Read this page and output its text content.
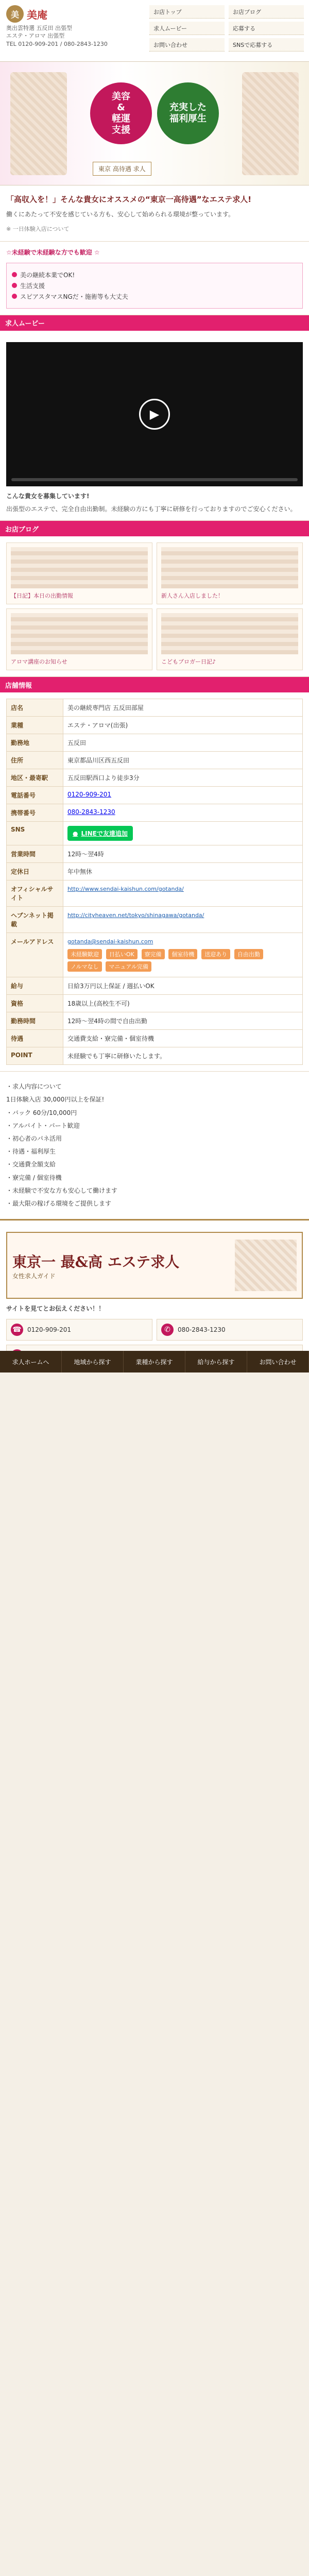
美 美庵
奥出雲特選 五反田 出張型
エステ・アロマ 出張型
TEL 0120-909-201 / 080-2843-1230
お店トップ	お店ブログ
求人ムービー	応募する
お問い合わせ	SNSで応募する
美容
&
軽運
支援
充実した
福利厚生
東京 高待遇 求人
「高収入を！」そんな貴女にオススメの“東京一高待遇”なエステ求人!

働くにあたって不安を感じている方も、安心して始められる環境が整っています。

※ 一日体験入店について

☆未経験で未経験な方でも歓迎 ☆
美の継続本業でOK!
生活支援
スピアスタマスNGだ・施術等も大丈夫
求人ムービー
▶
こんな貴女を募集しています!

出張型のエステで、完全自由出勤制。未経験の方にも丁寧に研修を行っておりますのでご安心ください。

お店ブログ
【日記】本日の出勤情報	新人さん入店しました！
アロマ講座のお知らせ	こどもブロガー日記♪
店舗情報
店名	美の継続専門店 五反田部屋
業種	エステ・アロマ(出張)
勤務地	五反田
住所	東京都品川区西五反田
地区・最寄駅	五反田駅西口より徒歩3分
電話番号	0120-909-201
携帯番号	080-2843-1230
SNS	● LINEで友達追加

営業時間	12時～翌4時
定休日	年中無休
オフィシャルサイト	http://www.sendai-kaishun.com/gotanda/

ヘブンネット掲載	http://cityheaven.net/tokyo/shinagawa/gotanda/

メールアドレス	gotanda@sendai-kaishun.com
未経験歓迎 日払いOK 寮完備 個室待機 送迎あり 自由出勤 ノルマなし マニュアル完備

給与	日給3万円以上保証 / 週払いOK
資格	18歳以上(高校生不可)
勤務時間	12時～翌4時の間で自由出勤
待遇	交通費支給・寮完備・個室待機
POINT	未経験でも丁寧に研修いたします。

・求人内容について

1日体験入店 30,000円以上を保証!

・バック 60分/10,000円

・アルバイト・パート歓迎

・初心者のパネ活用

・待遇・福利厚生

・交通費全額支給

・寮完備 / 個室待機

・未経験で不安な方も安心して働けます

・最大限の稼げる環境をご提供します

東京一 最&高 エステ求人
女性求人ガイド
サイトを見てとお伝えください！！
☎ 0120-909-201	✆	080-2843-1230
求人ホームへ	地域から探す	業種から探す	給与から探す	お問い合わせ
